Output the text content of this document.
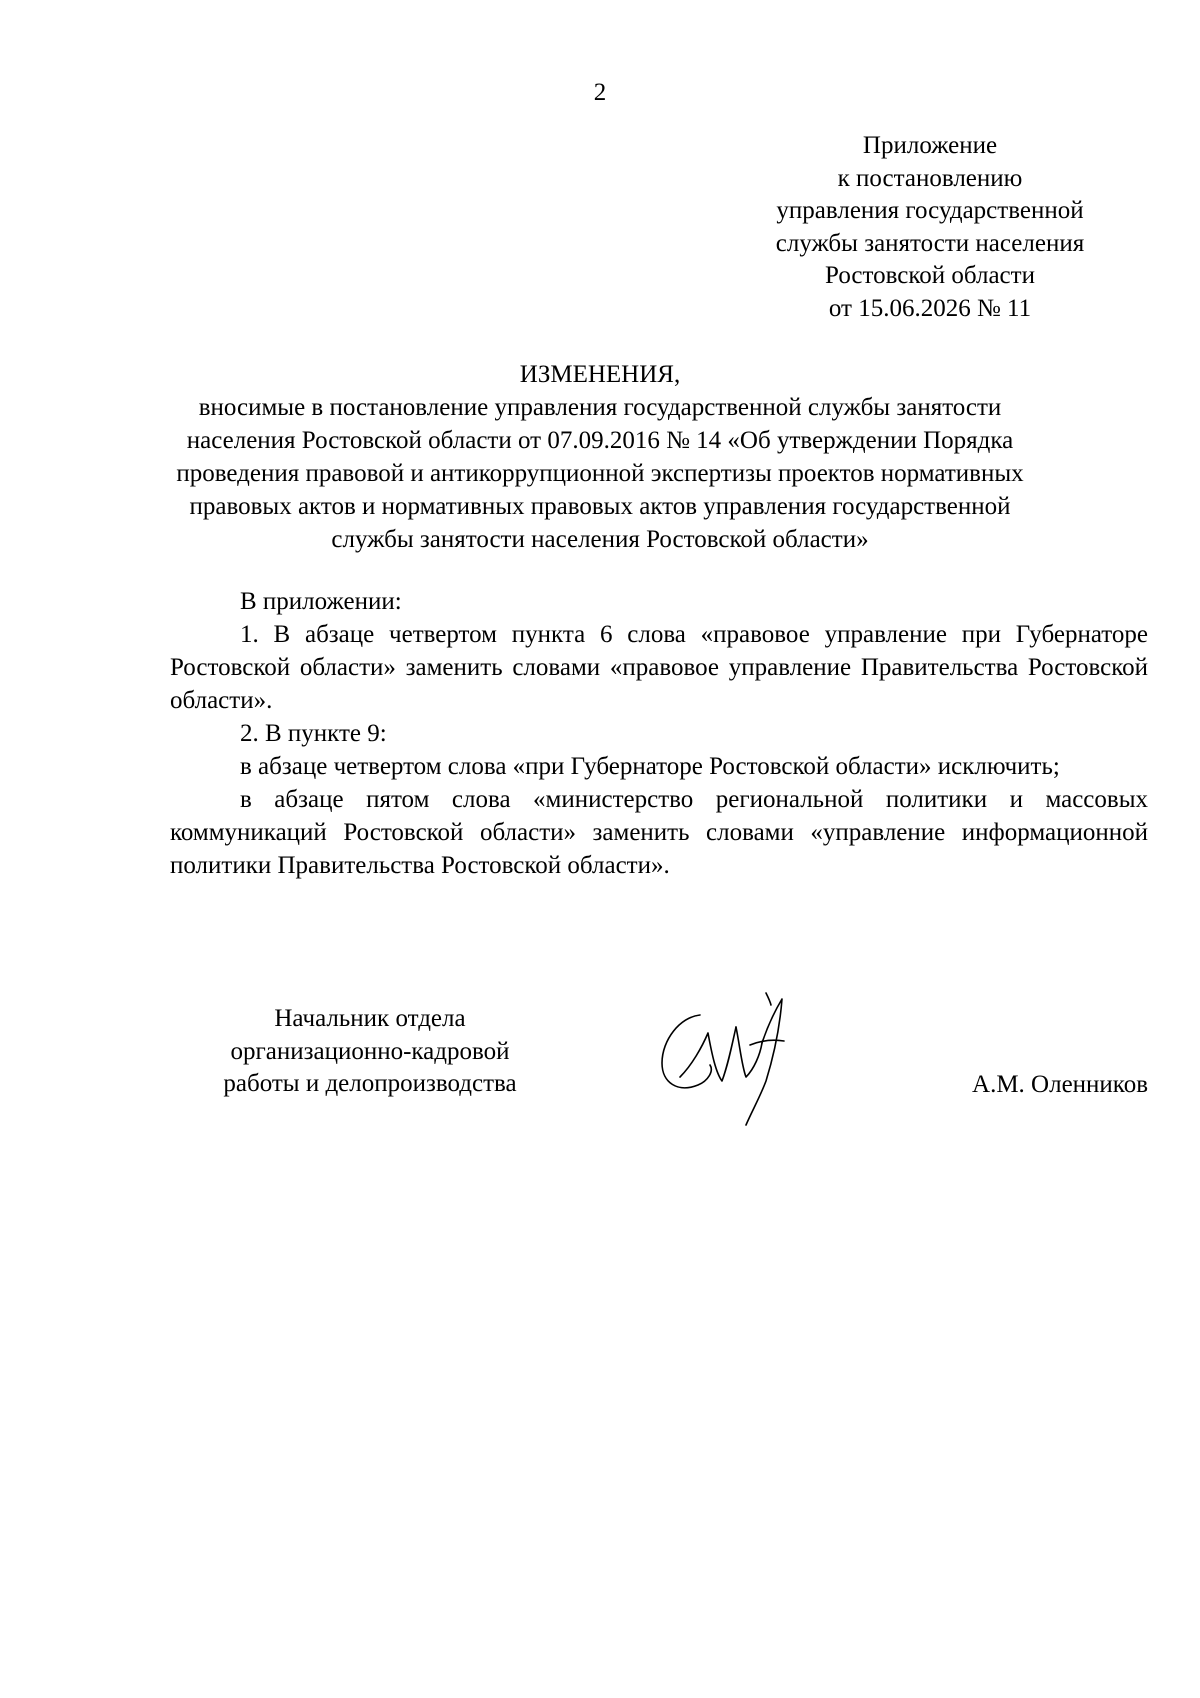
2
Приложение
к постановлению
управления государственной
службы занятости населения
Ростовской области
от 15.06.2026 № 11
ИЗМЕНЕНИЯ,
вносимые в постановление управления государственной службы занятости
населения Ростовской области от 07.09.2016 № 14 «Об утверждении Порядка
проведения правовой и антикоррупционной экспертизы проектов нормативных
правовых актов и нормативных правовых актов управления государственной
службы занятости населения Ростовской области»

В приложении:

1. В абзаце четвертом пункта 6 слова «правовое управление при Губернаторе Ростовской области» заменить словами «правовое управление Правительства Ростовской области».

2. В пункте 9:

в абзаце четвертом слова «при Губернаторе Ростовской области» исключить;

в абзаце пятом слова «министерство региональной политики и массовых коммуникаций Ростовской области» заменить словами «управление информационной политики Правительства Ростовской области».

Начальник отдела
организационно-кадровой
работы и делопроизводства	А.М. Оленников
